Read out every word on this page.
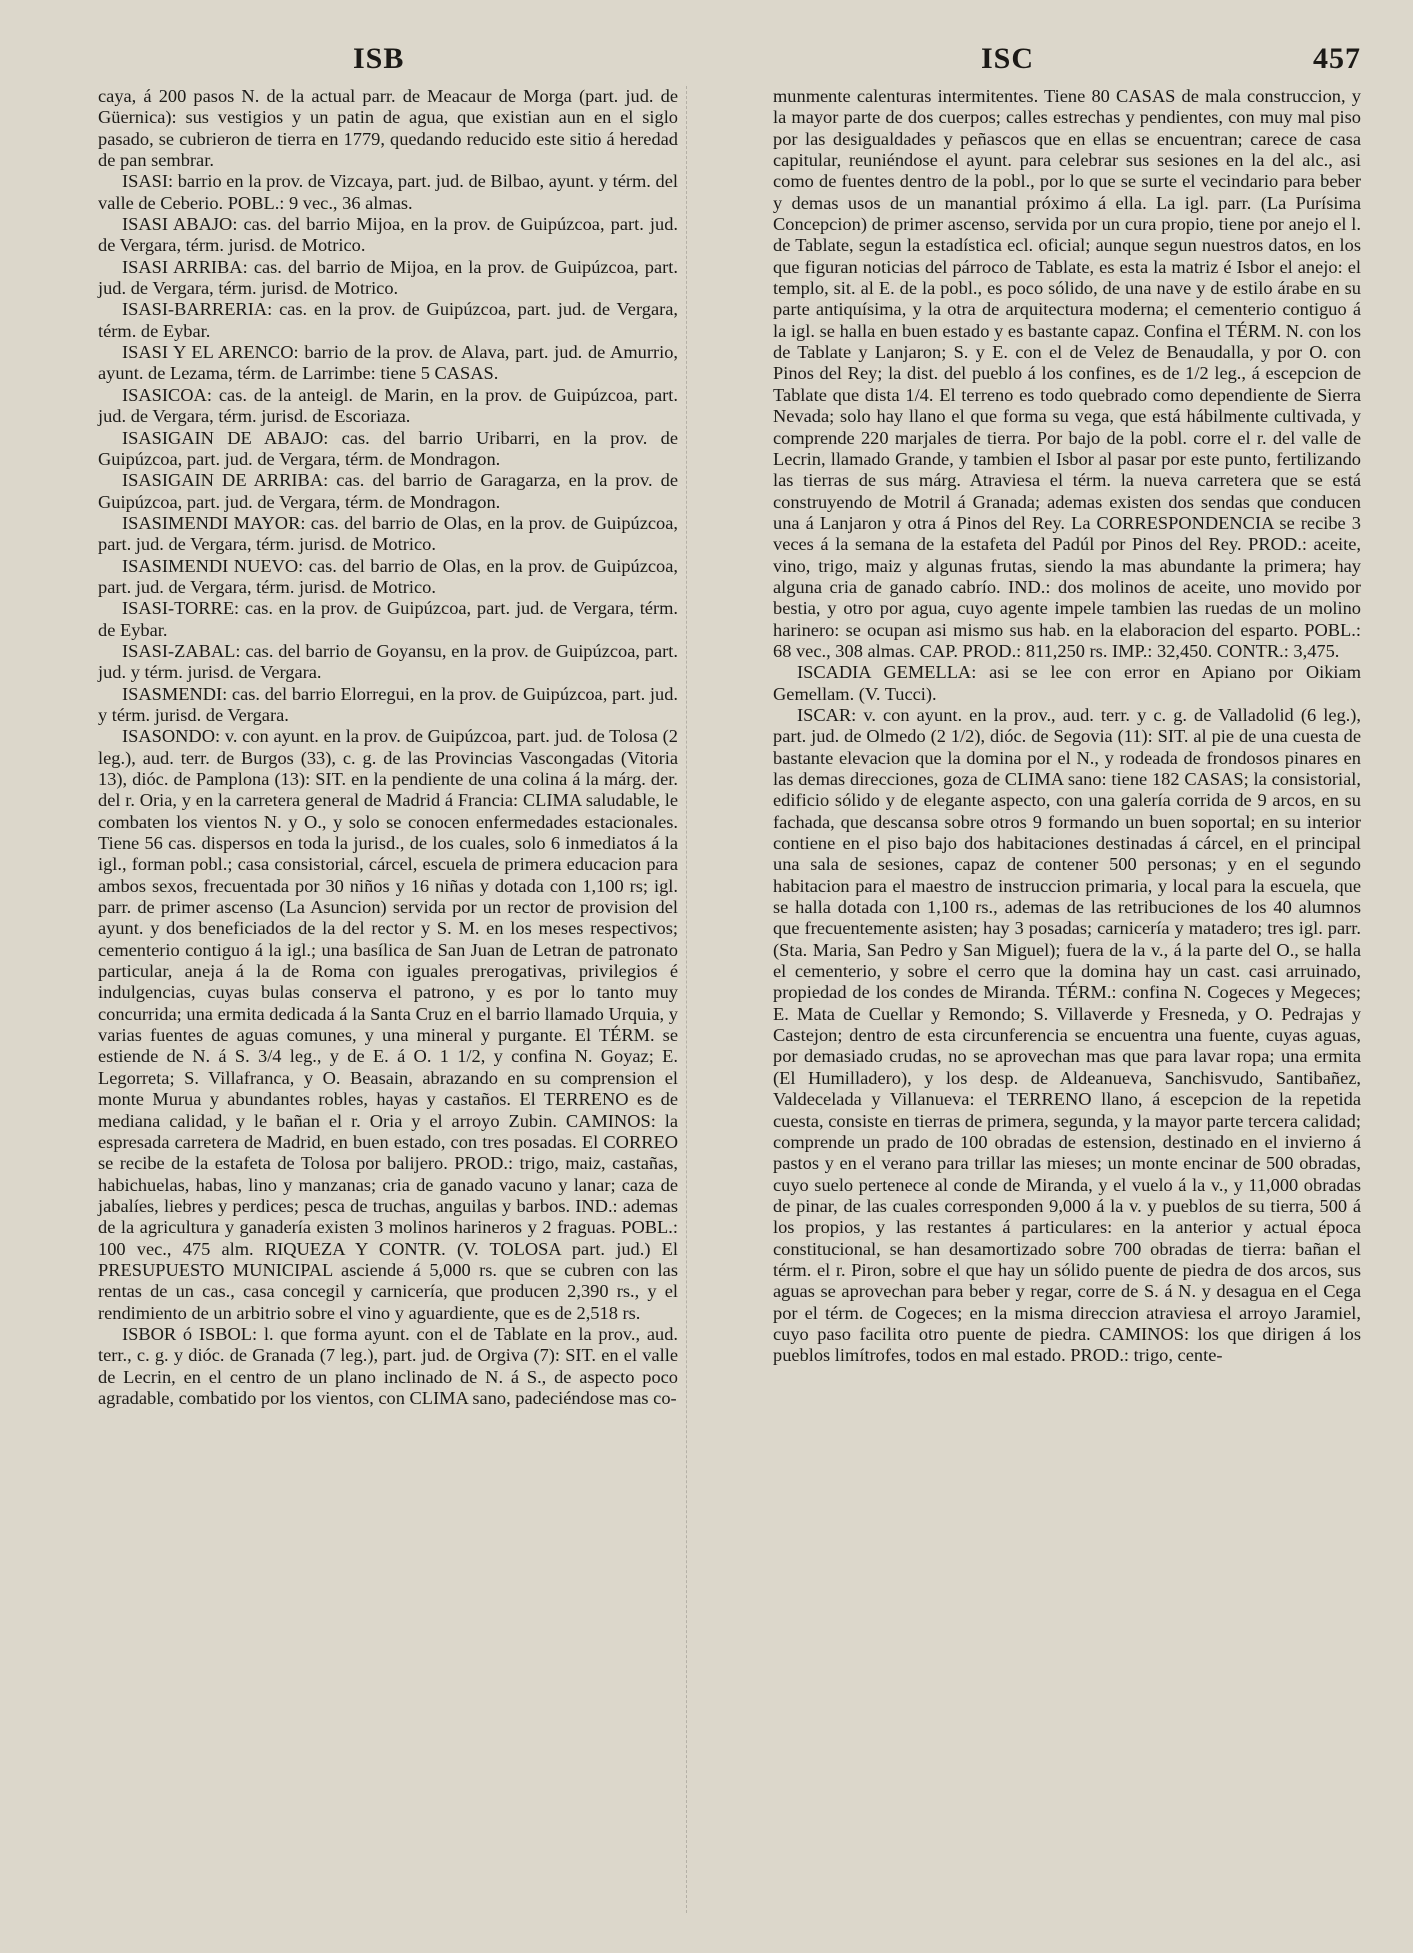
ISB	ISC	457

caya, á 200 pasos N. de la actual parr. de Meacaur de Morga (part. jud. de Güernica): sus vestigios y un patin de agua, que existian aun en el siglo pasado, se cubrieron de tierra en 1779, quedando reducido este sitio á heredad de pan sembrar.

ISASI: barrio en la prov. de Vizcaya, part. jud. de Bilbao, ayunt. y térm. del valle de Ceberio. POBL.: 9 vec., 36 almas.

ISASI ABAJO: cas. del barrio Mijoa, en la prov. de Guipúzcoa, part. jud. de Vergara, térm. jurisd. de Motrico.

ISASI ARRIBA: cas. del barrio de Mijoa, en la prov. de Guipúzcoa, part. jud. de Vergara, térm. jurisd. de Motrico.

ISASI-BARRERIA: cas. en la prov. de Guipúzcoa, part. jud. de Vergara, térm. de Eybar.

ISASI Y EL ARENCO: barrio de la prov. de Alava, part. jud. de Amurrio, ayunt. de Lezama, térm. de Larrimbe: tiene 5 CASAS.

ISASICOA: cas. de la anteigl. de Marin, en la prov. de Guipúzcoa, part. jud. de Vergara, térm. jurisd. de Escoriaza.

ISASIGAIN DE ABAJO: cas. del barrio Uribarri, en la prov. de Guipúzcoa, part. jud. de Vergara, térm. de Mondragon.

ISASIGAIN DE ARRIBA: cas. del barrio de Garagarza, en la prov. de Guipúzcoa, part. jud. de Vergara, térm. de Mondragon.

ISASIMENDI MAYOR: cas. del barrio de Olas, en la prov. de Guipúzcoa, part. jud. de Vergara, térm. jurisd. de Motrico.

ISASIMENDI NUEVO: cas. del barrio de Olas, en la prov. de Guipúzcoa, part. jud. de Vergara, térm. jurisd. de Motrico.

ISASI-TORRE: cas. en la prov. de Guipúzcoa, part. jud. de Vergara, térm. de Eybar.

ISASI-ZABAL: cas. del barrio de Goyansu, en la prov. de Guipúzcoa, part. jud. y térm. jurisd. de Vergara.

ISASMENDI: cas. del barrio Elorregui, en la prov. de Guipúzcoa, part. jud. y térm. jurisd. de Vergara.

ISASONDO: v. con ayunt. en la prov. de Guipúzcoa, part. jud. de Tolosa (2 leg.), aud. terr. de Burgos (33), c. g. de las Provincias Vascongadas (Vitoria 13), dióc. de Pamplona (13): SIT. en la pendiente de una colina á la márg. der. del r. Oria, y en la carretera general de Madrid á Francia: CLIMA saludable, le combaten los vientos N. y O., y solo se conocen enfermedades estacionales. Tiene 56 cas. dispersos en toda la jurisd., de los cuales, solo 6 inmediatos á la igl., forman pobl.; casa consistorial, cárcel, escuela de primera educacion para ambos sexos, frecuentada por 30 niños y 16 niñas y dotada con 1,100 rs; igl. parr. de primer ascenso (La Asuncion) servida por un rector de provision del ayunt. y dos beneficiados de la del rector y S. M. en los meses respectivos; cementerio contiguo á la igl.; una basílica de San Juan de Letran de patronato particular, aneja á la de Roma con iguales prerogativas, privilegios é indulgencias, cuyas bulas conserva el patrono, y es por lo tanto muy concurrida; una ermita dedicada á la Santa Cruz en el barrio llamado Urquia, y varias fuentes de aguas comunes, y una mineral y purgante. El TÉRM. se estiende de N. á S. 3/4 leg., y de E. á O. 1 1/2, y confina N. Goyaz; E. Legorreta; S. Villafranca, y O. Beasain, abrazando en su comprension el monte Murua y abundantes robles, hayas y castaños. El TERRENO es de mediana calidad, y le bañan el r. Oria y el arroyo Zubin. CAMINOS: la espresada carretera de Madrid, en buen estado, con tres posadas. El CORREO se recibe de la estafeta de Tolosa por balijero. PROD.: trigo, maiz, castañas, habichuelas, habas, lino y manzanas; cria de ganado vacuno y lanar; caza de jabalíes, liebres y perdices; pesca de truchas, anguilas y barbos. IND.: ademas de la agricultura y ganadería existen 3 molinos harineros y 2 fraguas. POBL.: 100 vec., 475 alm. RIQUEZA Y CONTR. (V. TOLOSA part. jud.) El PRESUPUESTO MUNICIPAL asciende á 5,000 rs. que se cubren con las rentas de un cas., casa concegil y carnicería, que producen 2,390 rs., y el rendimiento de un arbitrio sobre el vino y aguardiente, que es de 2,518 rs.

ISBOR ó ISBOL: l. que forma ayunt. con el de Tablate en la prov., aud. terr., c. g. y dióc. de Granada (7 leg.), part. jud. de Orgiva (7): SIT. en el valle de Lecrin, en el centro de un plano inclinado de N. á S., de aspecto poco agradable, combatido por los vientos, con CLIMA sano, padeciéndose mas co-

munmente calenturas intermitentes. Tiene 80 CASAS de mala construccion, y la mayor parte de dos cuerpos; calles estrechas y pendientes, con muy mal piso por las desigualdades y peñascos que en ellas se encuentran; carece de casa capitular, reuniéndose el ayunt. para celebrar sus sesiones en la del alc., asi como de fuentes dentro de la pobl., por lo que se surte el vecindario para beber y demas usos de un manantial próximo á ella. La igl. parr. (La Purísima Concepcion) de primer ascenso, servida por un cura propio, tiene por anejo el l. de Tablate, segun la estadística ecl. oficial; aunque segun nuestros datos, en los que figuran noticias del párroco de Tablate, es esta la matriz é Isbor el anejo: el templo, sit. al E. de la pobl., es poco sólido, de una nave y de estilo árabe en su parte antiquísima, y la otra de arquitectura moderna; el cementerio contiguo á la igl. se halla en buen estado y es bastante capaz. Confina el TÉRM. N. con los de Tablate y Lanjaron; S. y E. con el de Velez de Benaudalla, y por O. con Pinos del Rey; la dist. del pueblo á los confines, es de 1/2 leg., á escepcion de Tablate que dista 1/4. El terreno es todo quebrado como dependiente de Sierra Nevada; solo hay llano el que forma su vega, que está hábilmente cultivada, y comprende 220 marjales de tierra. Por bajo de la pobl. corre el r. del valle de Lecrin, llamado Grande, y tambien el Isbor al pasar por este punto, fertilizando las tierras de sus márg. Atraviesa el térm. la nueva carretera que se está construyendo de Motril á Granada; ademas existen dos sendas que conducen una á Lanjaron y otra á Pinos del Rey. La CORRESPONDENCIA se recibe 3 veces á la semana de la estafeta del Padúl por Pinos del Rey. PROD.: aceite, vino, trigo, maiz y algunas frutas, siendo la mas abundante la primera; hay alguna cria de ganado cabrío. IND.: dos molinos de aceite, uno movido por bestia, y otro por agua, cuyo agente impele tambien las ruedas de un molino harinero: se ocupan asi mismo sus hab. en la elaboracion del esparto. POBL.: 68 vec., 308 almas. CAP. PROD.: 811,250 rs. IMP.: 32,450. CONTR.: 3,475.

ISCADIA GEMELLA: asi se lee con error en Apiano por Oikiam Gemellam. (V. Tucci).

ISCAR: v. con ayunt. en la prov., aud. terr. y c. g. de Valladolid (6 leg.), part. jud. de Olmedo (2 1/2), dióc. de Segovia (11): SIT. al pie de una cuesta de bastante elevacion que la domina por el N., y rodeada de frondosos pinares en las demas direcciones, goza de CLIMA sano: tiene 182 CASAS; la consistorial, edificio sólido y de elegante aspecto, con una galería corrida de 9 arcos, en su fachada, que descansa sobre otros 9 formando un buen soportal; en su interior contiene en el piso bajo dos habitaciones destinadas á cárcel, en el principal una sala de sesiones, capaz de contener 500 personas; y en el segundo habitacion para el maestro de instruccion primaria, y local para la escuela, que se halla dotada con 1,100 rs., ademas de las retribuciones de los 40 alumnos que frecuentemente asisten; hay 3 posadas; carnicería y matadero; tres igl. parr. (Sta. Maria, San Pedro y San Miguel); fuera de la v., á la parte del O., se halla el cementerio, y sobre el cerro que la domina hay un cast. casi arruinado, propiedad de los condes de Miranda. TÉRM.: confina N. Cogeces y Megeces; E. Mata de Cuellar y Remondo; S. Villaverde y Fresneda, y O. Pedrajas y Castejon; dentro de esta circunferencia se encuentra una fuente, cuyas aguas, por demasiado crudas, no se aprovechan mas que para lavar ropa; una ermita (El Humilladero), y los desp. de Aldeanueva, Sanchisvudo, Santibañez, Valdecelada y Villanueva: el TERRENO llano, á escepcion de la repetida cuesta, consiste en tierras de primera, segunda, y la mayor parte tercera calidad; comprende un prado de 100 obradas de estension, destinado en el invierno á pastos y en el verano para trillar las mieses; un monte encinar de 500 obradas, cuyo suelo pertenece al conde de Miranda, y el vuelo á la v., y 11,000 obradas de pinar, de las cuales corresponden 9,000 á la v. y pueblos de su tierra, 500 á los propios, y las restantes á particulares: en la anterior y actual época constitucional, se han desamortizado sobre 700 obradas de tierra: bañan el térm. el r. Piron, sobre el que hay un sólido puente de piedra de dos arcos, sus aguas se aprovechan para beber y regar, corre de S. á N. y desagua en el Cega por el térm. de Cogeces; en la misma direccion atraviesa el arroyo Jaramiel, cuyo paso facilita otro puente de piedra. CAMINOS: los que dirigen á los pueblos limítrofes, todos en mal estado. PROD.: trigo, cente-
